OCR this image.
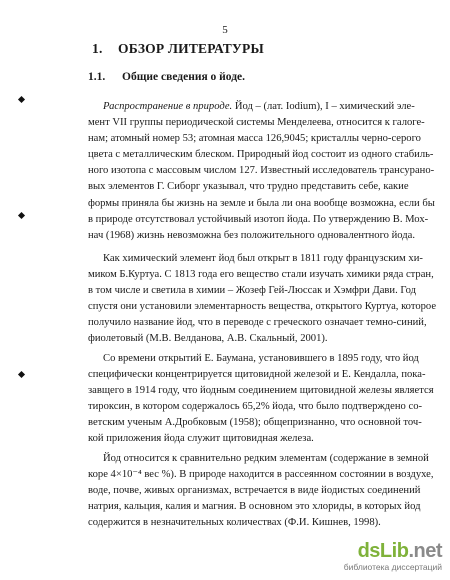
5
1. ОБЗОР ЛИТЕРАТУРЫ
1.1. Общие сведения о йоде.
Распространение в природе. Йод – (лат. Iodium), I – химический эле-
мент VII группы периодической системы Менделеева, относится к галоге-
нам; атомный номер 53; атомная масса 126,9045; кристаллы черно-серого
цвета с металлическим блеском. Природный йод состоит из одного стабиль-
ного изотопа с массовым числом 127. Известный исследователь трансурано-
вых элементов Г. Сиборг указывал, что трудно представить себе, какие
формы приняла бы жизнь на земле и была ли она вообще возможна, если бы
в природе отсутствовал устойчивый изотоп йода. По утверждению В. Мох-
нач (1968) жизнь невозможна без положительного одновалентного йода.
Как химический элемент йод был открыт в 1811 году французским хи-
миком Б.Куртуа. С 1813 года его вещество стали изучать химики ряда стран,
в том числе и светила в химии – Жозеф Гей-Люссак и Хэмфри Дави. Год
спустя они установили элементарность вещества, открытого Куртуа, которое
получило название йод, что в переводе с греческого означает темно-синий,
фиолетовый (М.В. Велданова, А.В. Скальный, 2001).
Со времени открытий Е. Баумана, установившего в 1895 году, что йод
специфически концентрируется щитовидной железой и Е. Кендалла, пока-
завщего в 1914 году, что йодным соединением щитовидной железы является
тироксин, в котором содержалось 65,2% йода, что было подтверждено со-
ветским ученым А.Дробковым (1958); общепризнанно, что основной точ-
кой приложения йода служит щитовидная железа.
Йод относится к сравнительно редким элементам (содержание в земной
коре 4×10⁻⁴ вес %). В природе находится в рассеянном состоянии в воздухе,
воде, почве, живых организмах, встречается в виде йодистых соединений
натрия, кальция, калия и магния. В основном это хлориды, в которых йод
содержится в незначительных количествах (Ф.И. Кишнев, 1998).
dsLib.net
библиотека диссертаций
